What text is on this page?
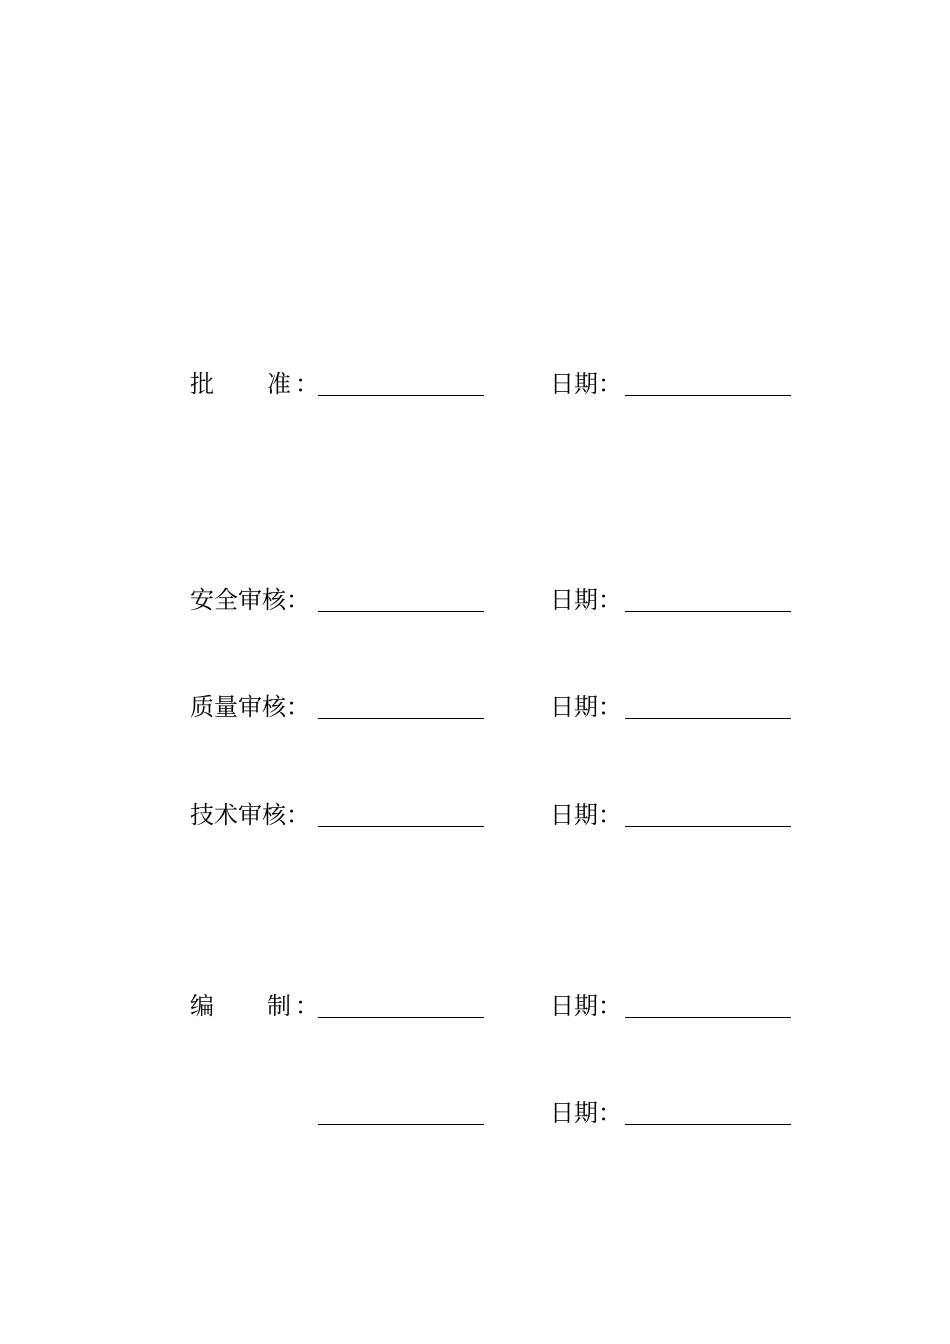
批 准 ：	日期：
安全审核：	日期：
质量审核：	日期：
技术审核：	日期：
编 制 ：	日期：
日期：
